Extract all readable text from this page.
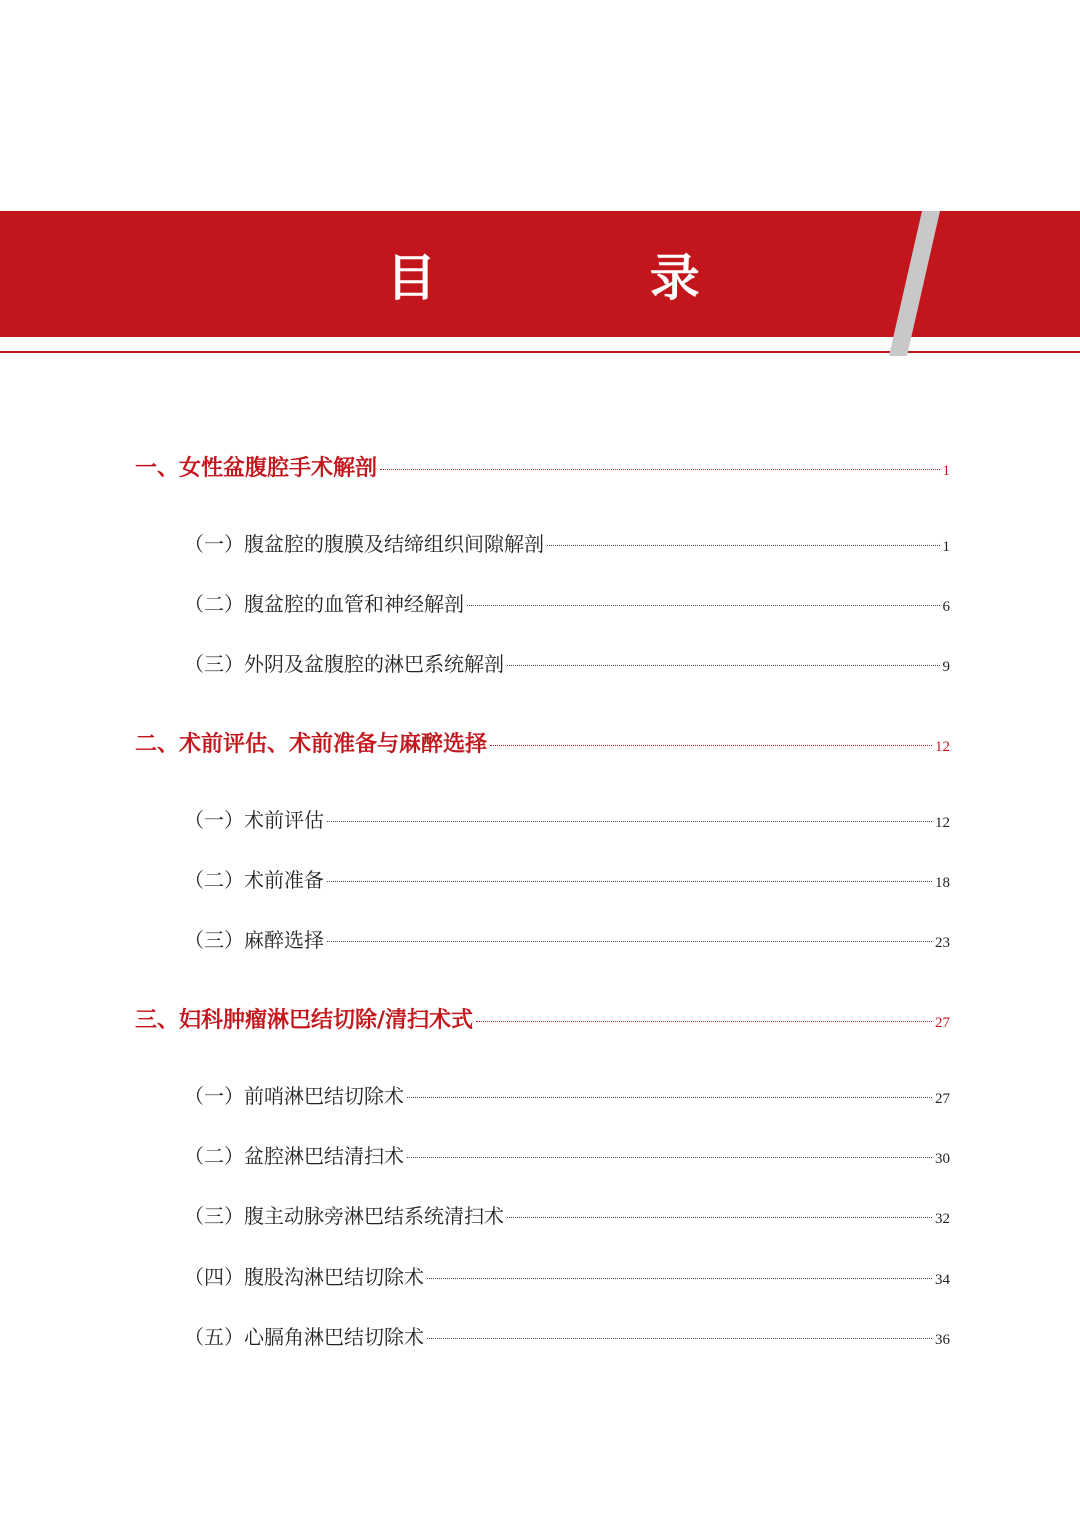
目 录
一、女性盆腹腔手术解剖	1
（一）腹盆腔的腹膜及结缔组织间隙解剖	1
（二）腹盆腔的血管和神经解剖	6
（三）外阴及盆腹腔的淋巴系统解剖	9
二、术前评估、术前准备与麻醉选择	12
（一）术前评估	12
（二）术前准备	18
（三）麻醉选择	23
三、妇科肿瘤淋巴结切除/清扫术式	27
（一）前哨淋巴结切除术	27
（二）盆腔淋巴结清扫术	30
（三）腹主动脉旁淋巴结系统清扫术	32
（四）腹股沟淋巴结切除术	34
（五）心膈角淋巴结切除术	36
